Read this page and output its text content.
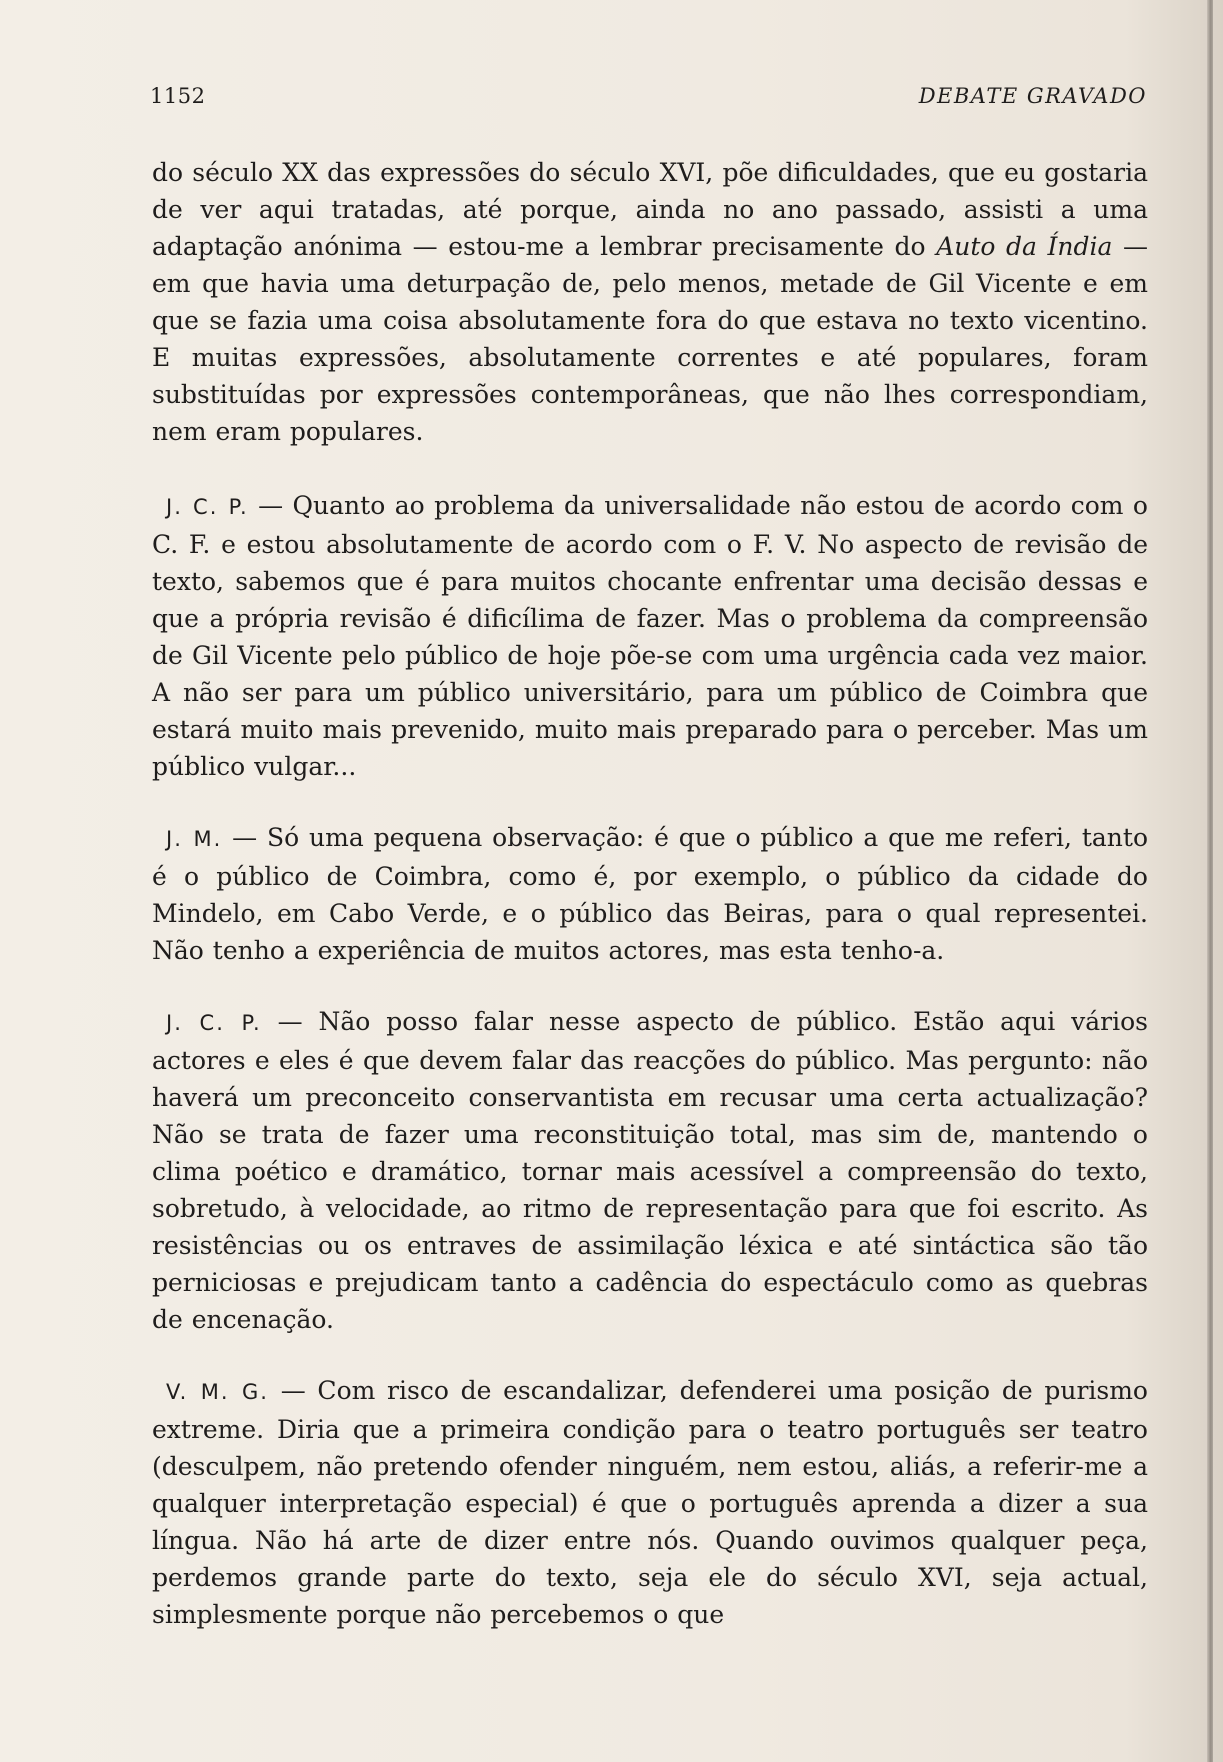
1152	DEBATE GRAVADO

do século XX das expressões do século XVI, põe dificuldades, que eu gostaria de ver aqui tratadas, até porque, ainda no ano passado, assisti a uma adaptação anónima — estou-me a lembrar precisamente do Auto da Índia — em que havia uma deturpação de, pelo menos, metade de Gil Vicente e em que se fazia uma coisa absolutamente fora do que estava no texto vicentino. E muitas expressões, absolutamente correntes e até populares, foram substituídas por expressões contemporâneas, que não lhes correspondiam, nem eram populares.

J. C. P. — Quanto ao problema da universalidade não estou de acordo com o C. F. e estou absolutamente de acordo com o F. V. No aspecto de revisão de texto, sabemos que é para muitos chocante enfrentar uma decisão dessas e que a própria revisão é dificílima de fazer. Mas o problema da compreensão de Gil Vicente pelo público de hoje põe-se com uma urgência cada vez maior. A não ser para um público universitário, para um público de Coimbra que estará muito mais prevenido, muito mais preparado para o perceber. Mas um público vulgar...

J. M. — Só uma pequena observação: é que o público a que me referi, tanto é o público de Coimbra, como é, por exemplo, o público da cidade do Mindelo, em Cabo Verde, e o público das Beiras, para o qual representei. Não tenho a experiência de muitos actores, mas esta tenho-a.

J. C. P. — Não posso falar nesse aspecto de público. Estão aqui vários actores e eles é que devem falar das reacções do público. Mas pergunto: não haverá um preconceito conservantista em recusar uma certa actualização? Não se trata de fazer uma reconstituição total, mas sim de, mantendo o clima poético e dramático, tornar mais acessível a compreensão do texto, sobretudo, à velocidade, ao ritmo de representação para que foi escrito. As resistências ou os entraves de assimilação léxica e até sintáctica são tão perniciosas e prejudicam tanto a cadência do espectáculo como as quebras de encenação.

V. M. G. — Com risco de escandalizar, defenderei uma posição de purismo extreme. Diria que a primeira condição para o teatro português ser teatro (desculpem, não pretendo ofender ninguém, nem estou, aliás, a referir-me a qualquer interpretação especial) é que o português aprenda a dizer a sua língua. Não há arte de dizer entre nós. Quando ouvimos qualquer peça, perdemos grande parte do texto, seja ele do século XVI, seja actual, simplesmente porque não percebemos o que
